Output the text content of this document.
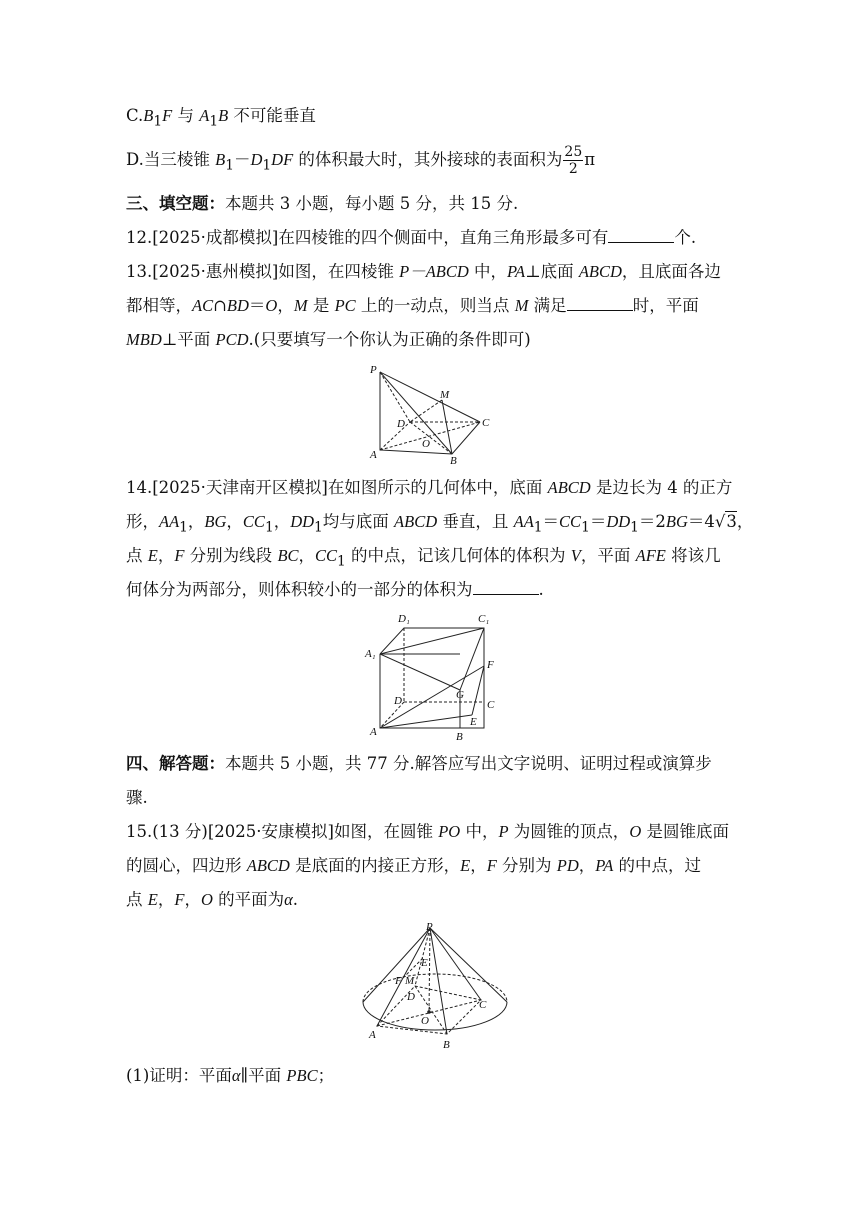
$C.B_1F$ 与 $A_1B$ 不可能垂直
D.当三棱锥 $B_1-D_1DF$ 的体积最大时，其外接球的表面积为 $\frac{25}{2}$ π
三、填空题：本题共 3 小题，每小题 5 分，共 15 分.
12.[2025·成都模拟]在四棱锥的四个侧面中，直角三角形最多可有	个.
13.[2025·惠州模拟]如图，在四棱锥 P－ABCD 中，PA⊥底面 ABCD，且底面各边
都相等，AC∩BD＝O，M 是 PC 上的一动点，则当点 M 满足	时，平面
MBD⊥平面 PCD.(只要填写一个你认为正确的条件即可)
P
M
D
O
C
A	B
14.[2025·天津南开区模拟]在如图所示的几何体中，底面 ABCD 是边长为 4 的正方
形，$AA_1$，BG，$CC_1$，$DD_1$均与底面 ABCD 垂直，且 $AA_1=CC_1=DD_1=2BG=4√3$，
点 E，F 分别为线段 BC，$CC_1$ 的中点，记该几何体的体积为 V，平面 AFE 将该几
何体分为两部分，则体积较小的一部分的体积为	.
D₁	C₁
A₁
F
G
D	C
E
A	B
四、解答题：本题共 5 小题，共 77 分.解答应写出文字说明、证明过程或演算步
骤.
15.(13 分)[2025·安康模拟]如图，在圆锥 PO 中，P 为圆锥的顶点，O 是圆锥底面
的圆心，四边形 ABCD 是底面的内接正方形，E，F 分别为 PD，PA 的中点，过
点 E，F，O 的平面为α.
P
E
F M
D
C
O
A
B
(1)证明：平面α∥平面 PBC；
